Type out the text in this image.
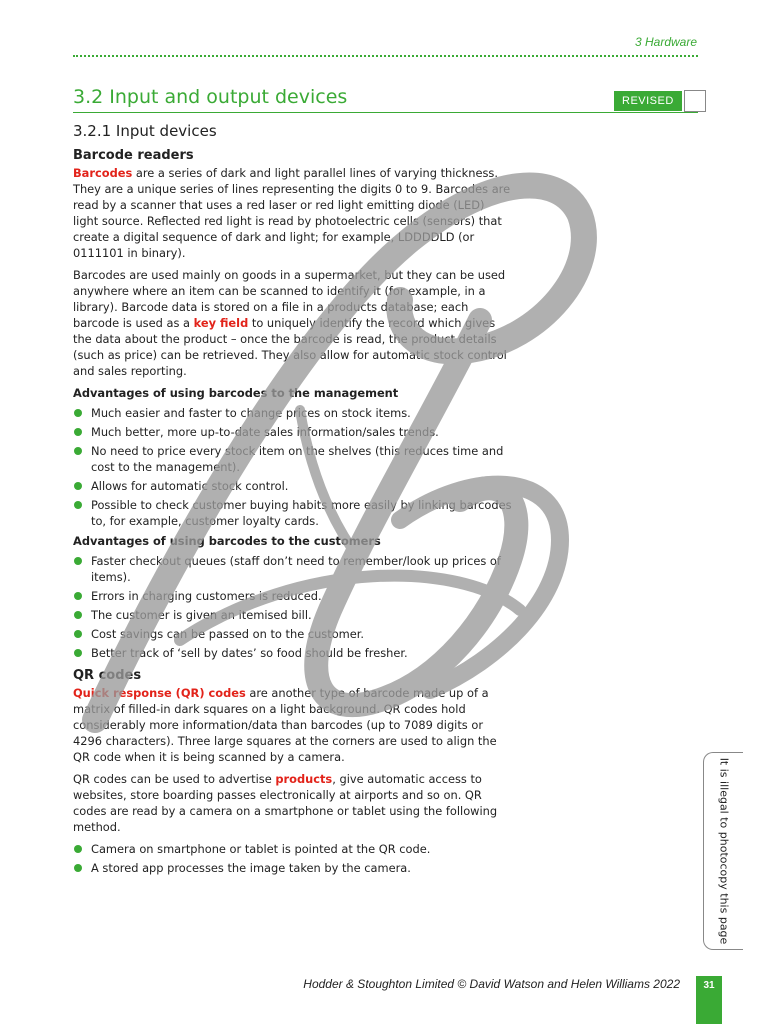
3 Hardware
3.2 Input and output devices	REVISED
3.2.1 Input devices
Barcode readers

Barcodes are a series of dark and light parallel lines of varying thickness. They are a unique series of lines representing the digits 0 to 9. Barcodes are read by a scanner that uses a red laser or red light emitting diode (LED) light source. Reflected red light is read by photoelectric cells (sensors) that create a digital sequence of dark and light; for example, LDDDDLD (or 0111101 in binary).

Barcodes are used mainly on goods in a supermarket, but they can be used anywhere where an item can be scanned to identify it (for example, in a library). Barcode data is stored on a file in a products database; each barcode is used as a key field to uniquely identify the record which gives the data about the product – once the barcode is read, the product details (such as price) can be retrieved. They also allow for automatic stock control and sales reporting.

Advantages of using barcodes to the management
Much easier and faster to change prices on stock items.
Much better, more up-to-date sales information/sales trends.
No need to price every stock item on the shelves (this reduces time and cost to the management).
Allows for automatic stock control.
Possible to check customer buying habits more easily by linking barcodes to, for example, customer loyalty cards.
Advantages of using barcodes to the customers
Faster checkout queues (staff don’t need to remember/look up prices of items).
Errors in charging customers is reduced.
The customer is given an itemised bill.
Cost savings can be passed on to the customer.
Better track of ‘sell by dates’ so food should be fresher.
QR codes

Quick response (QR) codes are another type of barcode made up of a matrix of filled-in dark squares on a light background. QR codes hold considerably more information/data than barcodes (up to 7089 digits or 4296 characters). Three large squares at the corners are used to align the QR code when it is being scanned by a camera.

QR codes can be used to advertise products, give automatic access to websites, store boarding passes electronically at airports and so on. QR codes are read by a camera on a smartphone or tablet using the following method.

Camera on smartphone or tablet is pointed at the QR code.
A stored app processes the image taken by the camera.	It is illegal to photocopy this page
Hodder & Stoughton Limited © David Watson and Helen Williams 2022	31
